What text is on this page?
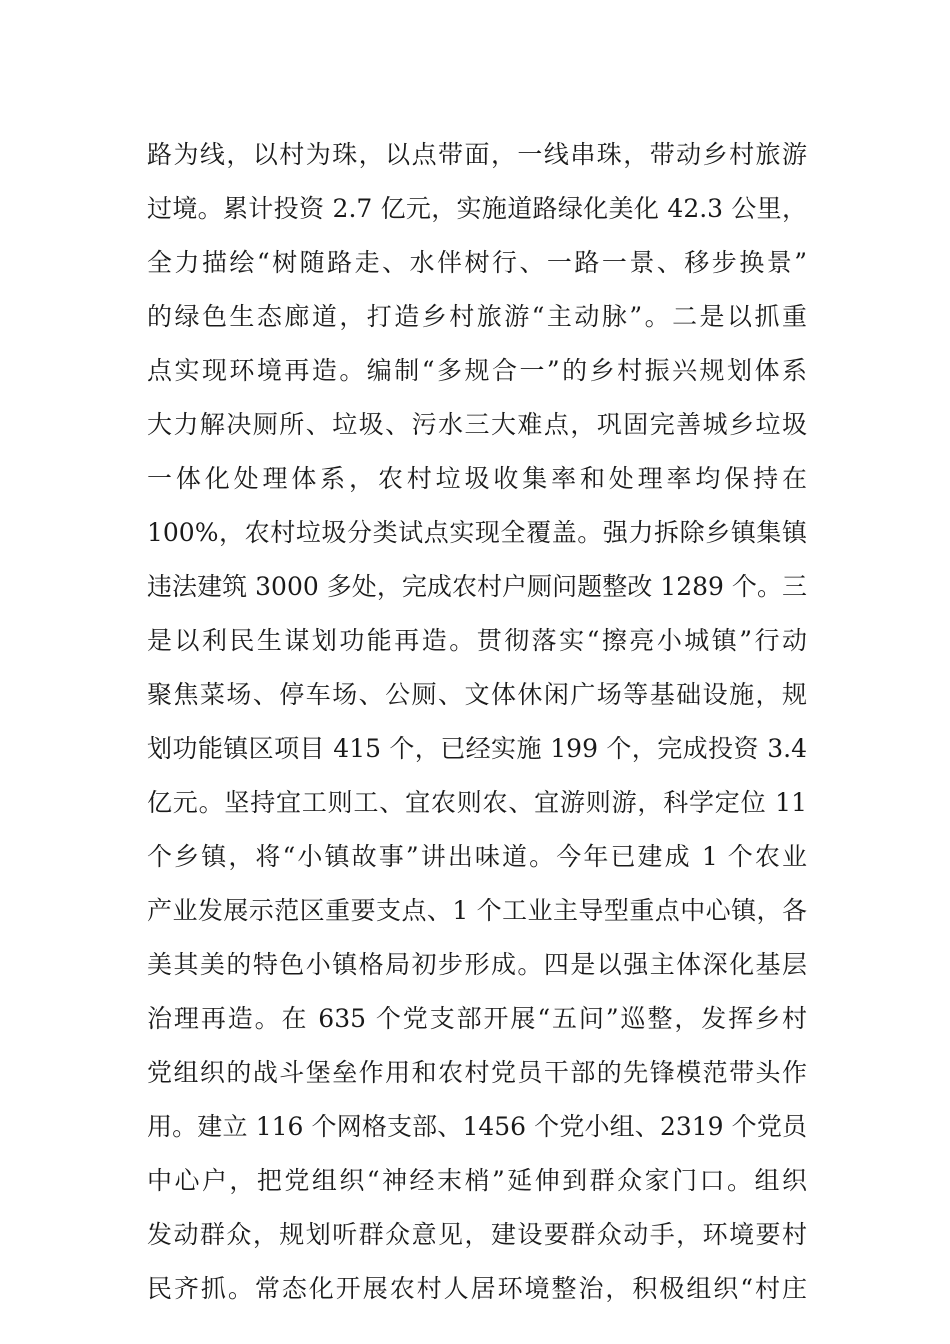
路为线，以村为珠，以点带面，一线串珠，带动乡村旅游
过境。累计投资 2.7 亿元，实施道路绿化美化 42.3 公里，
全力描绘“树随路走、水伴树行、一路一景、移步换景”
的绿色生态廊道，打造乡村旅游“主动脉”。二是以抓重
点实现环境再造。编制“多规合一”的乡村振兴规划体系
大力解决厕所、垃圾、污水三大难点，巩固完善城乡垃圾
一体化处理体系，农村垃圾收集率和处理率均保持在
100%，农村垃圾分类试点实现全覆盖。强力拆除乡镇集镇
违法建筑 3000 多处，完成农村户厕问题整改 1289 个。三
是以利民生谋划功能再造。贯彻落实“擦亮小城镇”行动
聚焦菜场、停车场、公厕、文体休闲广场等基础设施，规
划功能镇区项目 415 个，已经实施 199 个，完成投资 3.4
亿元。坚持宜工则工、宜农则农、宜游则游，科学定位 11
个乡镇，将“小镇故事”讲出味道。今年已建成 1 个农业
产业发展示范区重要支点、1 个工业主导型重点中心镇，各
美其美的特色小镇格局初步形成。四是以强主体深化基层
治理再造。在 635 个党支部开展“五问”巡整，发挥乡村
党组织的战斗堡垒作用和农村党员干部的先锋模范带头作
用。建立 116 个网格支部、1456 个党小组、2319 个党员
中心户，把党组织“神经末梢”延伸到群众家门口。组织
发动群众，规划听群众意见，建设要群众动手，环境要村
民齐抓。常态化开展农村人居环境整治，积极组织“村庄
